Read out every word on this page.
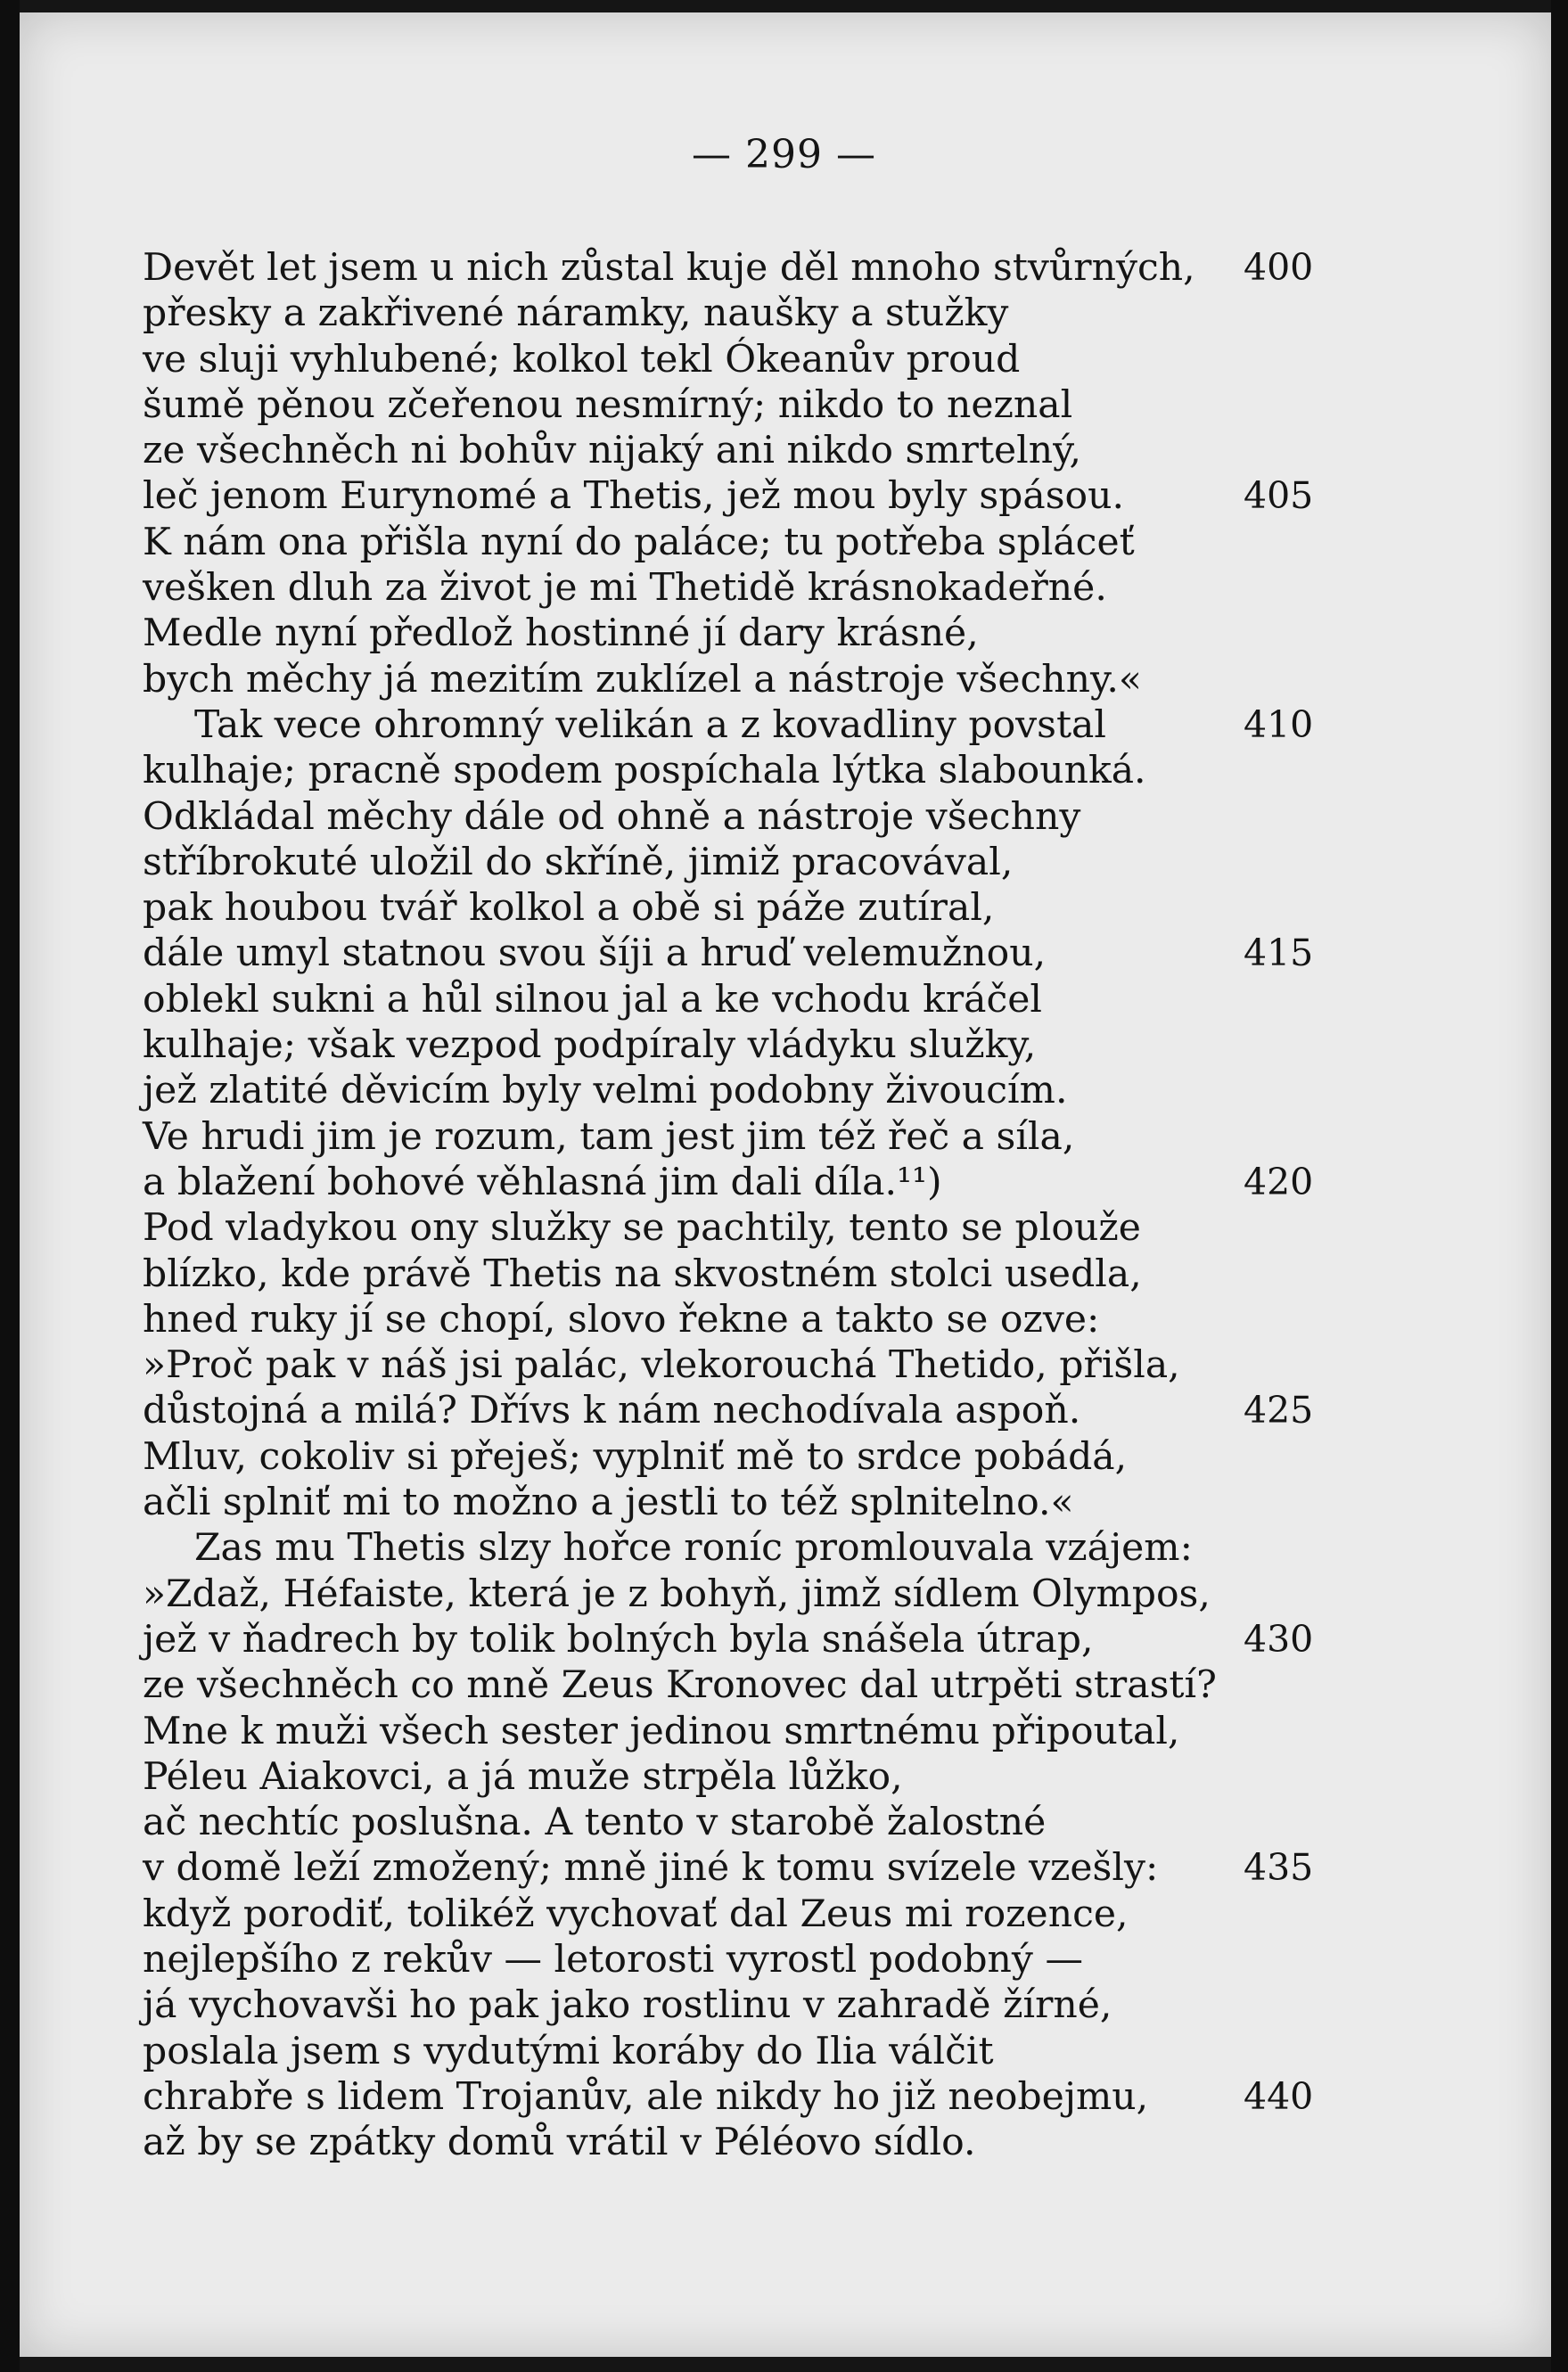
— 299 —
Devět let jsem u nich zůstal kuje děl mnoho stvůrných, 400
přesky a zakřivené náramky, naušky a stužky
ve sluji vyhlubené; kolkol tekl Ókeanův proud
šumě pěnou zčeřenou nesmírný; nikdo to neznal
ze všechněch ni bohův nijaký ani nikdo smrtelný,
leč jenom Eurynomé a Thetis, jež mou byly spásou.	405
K nám ona přišla nyní do paláce; tu potřeba spláceť
vešken dluh za život je mi Thetidě krásnokadeřné.
Medle nyní předlož hostinné jí dary krásné,
bych měchy já mezitím zuklízel a nástroje všechny.«
Tak vece ohromný velikán a z kovadliny povstal	410
kulhaje; pracně spodem pospíchala lýtka slabounká.
Odkládal měchy dále od ohně a nástroje všechny
stříbrokuté uložil do skříně, jimiž pracovával,
pak houbou tvář kolkol a obě si páže zutíral,
dále umyl statnou svou šíji a hruď velemužnou,	415
oblekl sukni a hůl silnou jal a ke vchodu kráčel
kulhaje; však vezpod podpíraly vládyku služky,
jež zlatité děvicím byly velmi podobny živoucím.
Ve hrudi jim je rozum, tam jest jim též řeč a síla,
a blažení bohové věhlasná jim dali díla.¹¹)	420
Pod vladykou ony služky se pachtily, tento se plouže
blízko, kde právě Thetis na skvostném stolci usedla,
hned ruky jí se chopí, slovo řekne a takto se ozve:
»Proč pak v náš jsi palác, vlekorouchá Thetido, přišla,
důstojná a milá? Dřívs k nám nechodívala aspoň.	425
Mluv, cokoliv si přeješ; vyplniť mě to srdce pobádá,
ačli splniť mi to možno a jestli to též splnitelno.«
Zas mu Thetis slzy hořce roníc promlouvala vzájem:
»Zdaž, Héfaiste, která je z bohyň, jimž sídlem Olympos,
jež v ňadrech by tolik bolných byla snášela útrap,	430
ze všechněch co mně Zeus Kronovec dal utrpěti strastí?
Mne k muži všech sester jedinou smrtnému připoutal,
Péleu Aiakovci, a já muže strpěla lůžko,
ač nechtíc poslušna. A tento v starobě žalostné
v domě leží zmožený; mně jiné k tomu svízele vzešly: 435
když porodiť, tolikéž vychovať dal Zeus mi rozence,
nejlepšího z rekův — letorosti vyrostl podobný —
já vychovavši ho pak jako rostlinu v zahradě žírné,
poslala jsem s vydutými koráby do Ilia válčit
chrabře s lidem Trojanův, ale nikdy ho již neobejmu,	440
až by se zpátky domů vrátil v Péléovo sídlo.
